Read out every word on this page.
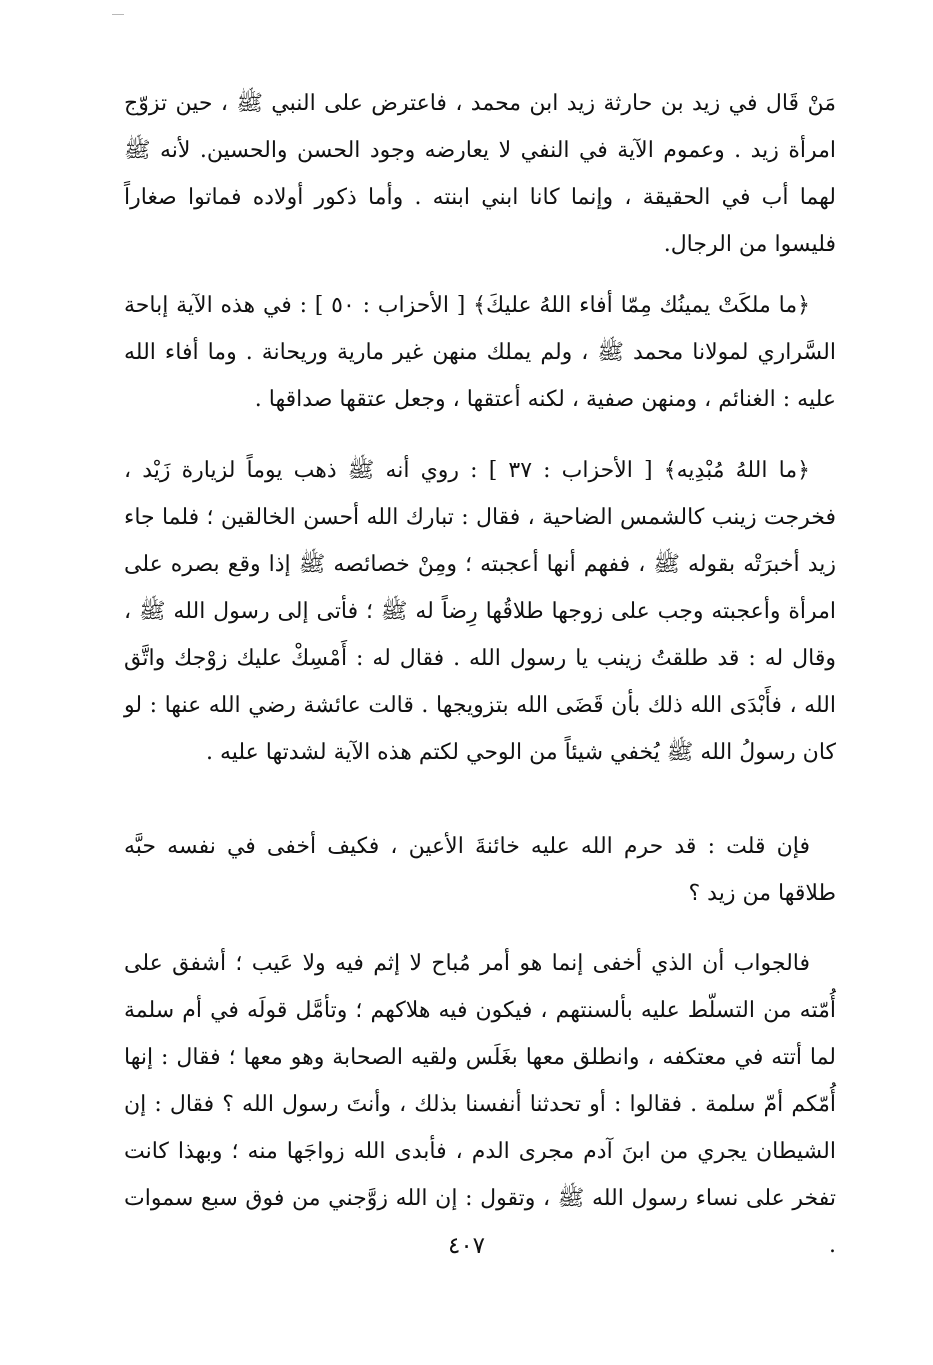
مَنْ قَال في زيد بن حارثة زيد ابن محمد ، فاعترض على النبي ﷺ ، حين تزوّج امرأة زيد . وعموم الآية في النفي لا يعارضه وجود الحسن والحسين. لأنه ﷺ لهما أب في الحقيقة ، وإنما كانا ابني ابنته . وأما ذكور أولاده فماتوا صغاراً فليسوا من الرجال.

﴿ما ملكَتْ يمينُك مِمّا أفاء اللهُ عليكَ﴾ [ الأحزاب : ٥٠ ] : في هذه الآية إباحة السَّراري لمولانا محمد ﷺ ، ولم يملك منهن غير مارية وريحانة . وما أفاء الله عليه : الغنائم ، ومنهن صفية ، لكنه أعتقها ، وجعل عتقها صداقها .

﴿ما اللهُ مُبْدِيه﴾ [ الأحزاب : ٣٧ ] : روي أنه ﷺ ذهب يوماً لزيارة زَيْد ، فخرجت زينب كالشمس الضاحية ، فقال : تبارك الله أحسن الخالقين ؛ فلما جاء زيد أخبرَتْه بقوله ﷺ ، ففهم أنها أعجبته ؛ ومِنْ خصائصه ﷺ إذا وقع بصره على امرأة وأعجبته وجب على زوجها طلاقُها رِضاً له ﷺ ؛ فأتى إلى رسول الله ﷺ ، وقال له : قد طلقتُ زينب يا رسول الله . فقال له : أَمْسِكْ عليك زوْجك واتَّق الله ، فأَبْدَى الله ذلك بأن قَضَى الله بتزويجها . قالت عائشة رضي الله عنها : لو كان رسولُ الله ﷺ يُخفي شيئاً من الوحي لكتم هذه الآية لشدتها عليه .

فإن قلت : قد حرم الله عليه خائنةَ الأعين ، فكيف أخفى في نفسه حبَّه طلاقها من زيد ؟

فالجواب أن الذي أخفى إنما هو أمر مُباح لا إثم فيه ولا عَيب ؛ أشفق على أُمّته من التسلّط عليه بألسنتهم ، فيكون فيه هلاكهم ؛ وتأمَّل قولَه في أم سلمة لما أتته في معتكفه ، وانطلق معها بغَلَس ولقيه الصحابة وهو معها ؛ فقال : إنها أُمّكم أمّ سلمة . فقالوا : أو تحدثنا أنفسنا بذلك ، وأنتَ رسول الله ؟ فقال : إن الشيطان يجري من ابنَ آدم مجرى الدم ، فأبدى الله زواجَها منه ؛ وبهذا كانت تفخر على نساء رسول الله ﷺ ، وتقول : إن الله زوَّجني من فوق سبع سموات .

٤٠٧
